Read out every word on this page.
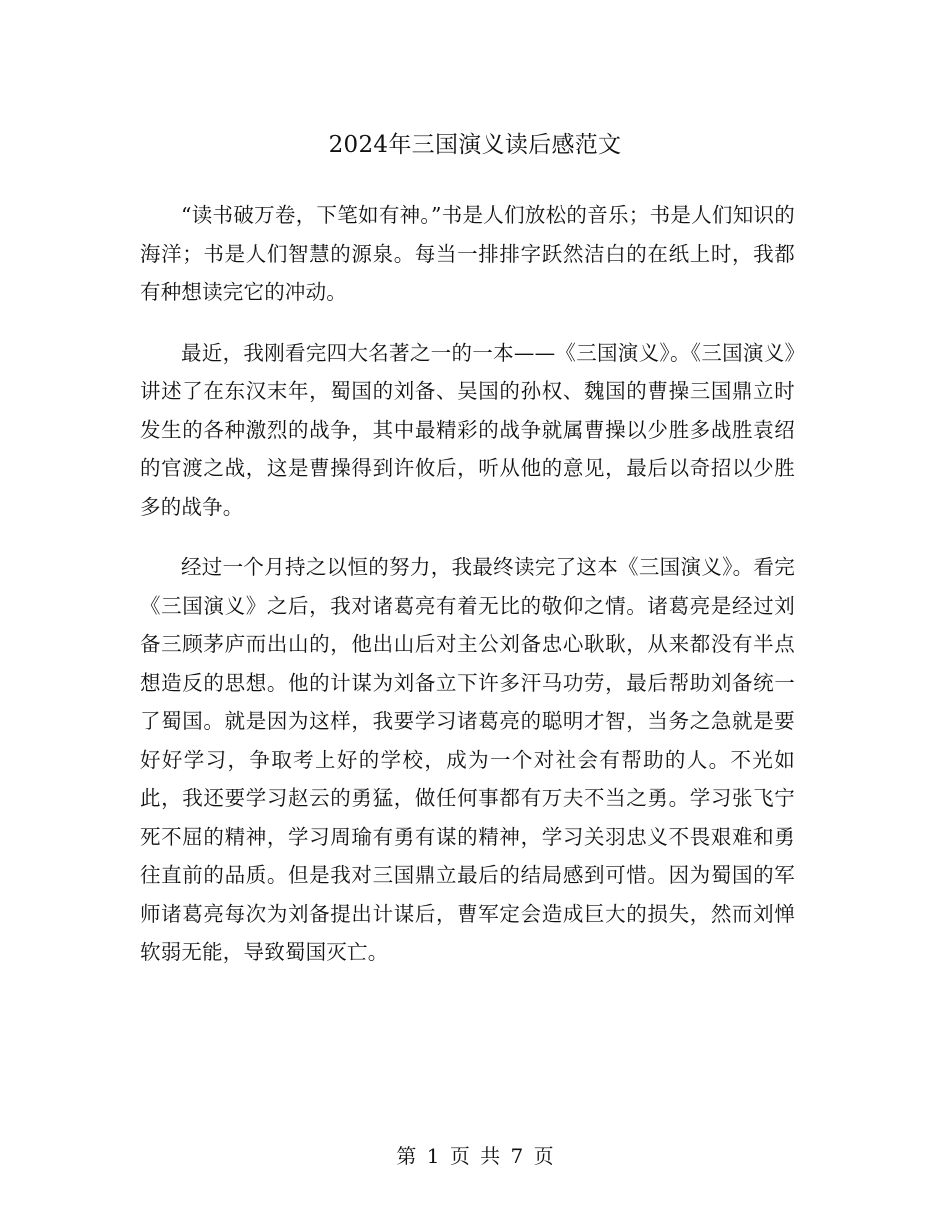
2024年三国演义读后感范文

“读书破万卷，下笔如有神。”书是人们放松的音乐；书是人们知识的海洋；书是人们智慧的源泉。每当一排排字跃然洁白的在纸上时，我都有种想读完它的冲动。

最近，我刚看完四大名著之一的一本——《三国演义》。《三国演义》讲述了在东汉末年，蜀国的刘备、吴国的孙权、魏国的曹操三国鼎立时发生的各种激烈的战争，其中最精彩的战争就属曹操以少胜多战胜袁绍的官渡之战，这是曹操得到许攸后，听从他的意见，最后以奇招以少胜多的战争。

经过一个月持之以恒的努力，我最终读完了这本《三国演义》。看完《三国演义》之后，我对诸葛亮有着无比的敬仰之情。诸葛亮是经过刘备三顾茅庐而出山的，他出山后对主公刘备忠心耿耿，从来都没有半点想造反的思想。他的计谋为刘备立下许多汗马功劳，最后帮助刘备统一了蜀国。就是因为这样，我要学习诸葛亮的聪明才智，当务之急就是要好好学习，争取考上好的学校，成为一个对社会有帮助的人。不光如此，我还要学习赵云的勇猛，做任何事都有万夫不当之勇。学习张飞宁死不屈的精神，学习周瑜有勇有谋的精神，学习关羽忠义不畏艰难和勇往直前的品质。但是我对三国鼎立最后的结局感到可惜。因为蜀国的军师诸葛亮每次为刘备提出计谋后，曹军定会造成巨大的损失，然而刘惮软弱无能，导致蜀国灭亡。

第 1 页 共 7 页
